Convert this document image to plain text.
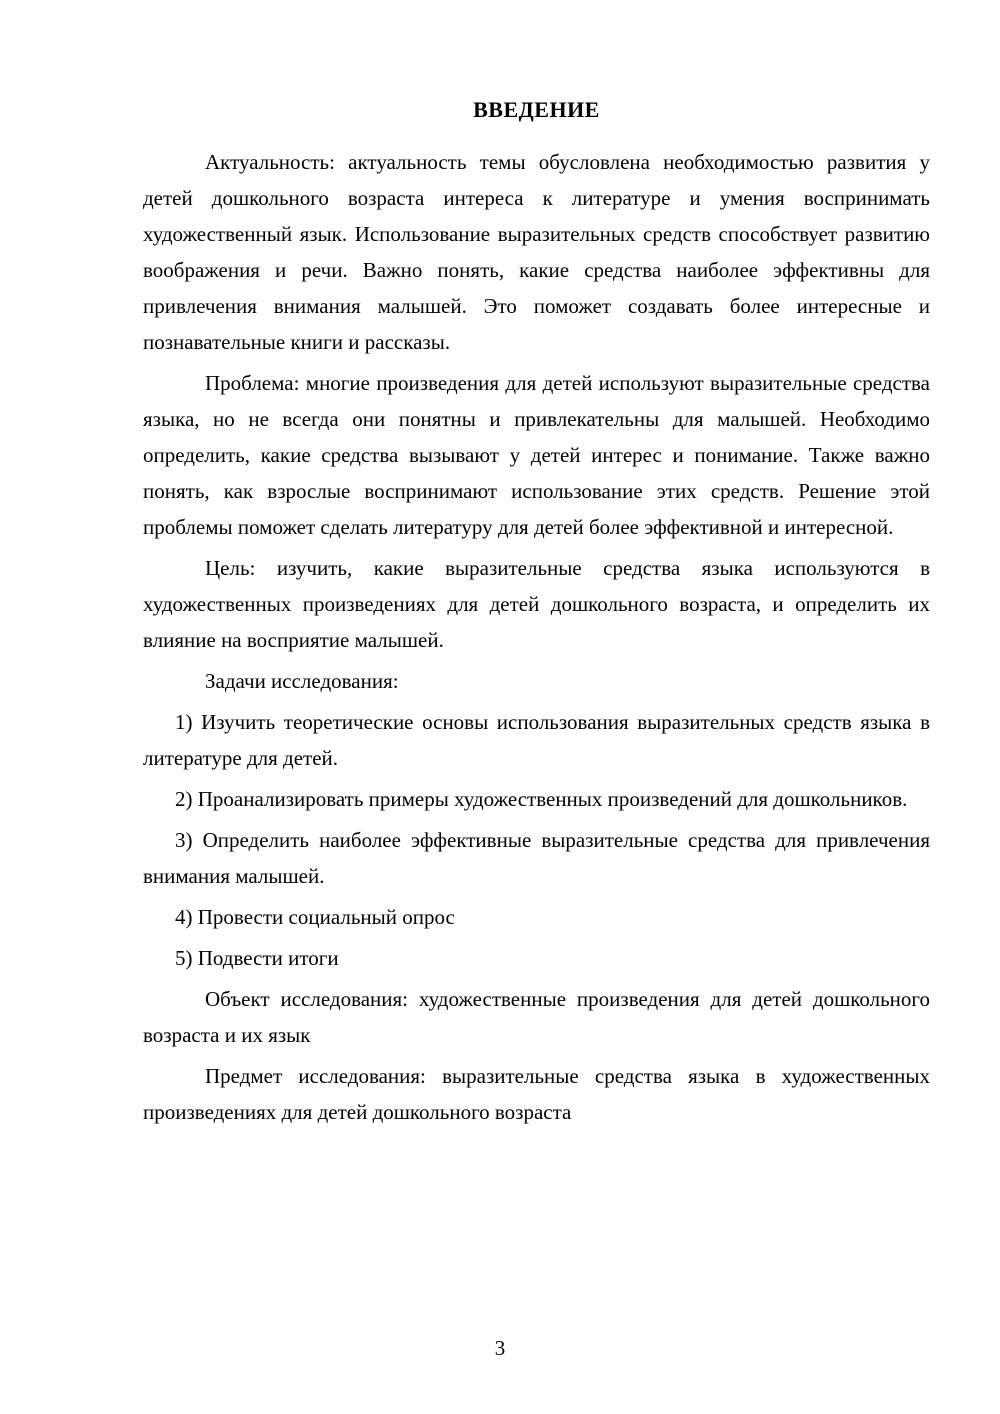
ВВЕДЕНИЕ

Актуальность: актуальность темы обусловлена необходимостью развития у детей дошкольного возраста интереса к литературе и умения воспринимать художественный язык. Использование выразительных средств способствует развитию воображения и речи. Важно понять, какие средства наиболее эффективны для привлечения внимания малышей. Это поможет создавать более интересные и познавательные книги и рассказы.

Проблема: многие произведения для детей используют выразительные средства языка, но не всегда они понятны и привлекательны для малышей. Необходимо определить, какие средства вызывают у детей интерес и понимание. Также важно понять, как взрослые воспринимают использование этих средств. Решение этой проблемы поможет сделать литературу для детей более эффективной и интересной.

Цель: изучить, какие выразительные средства языка используются в художественных произведениях для детей дошкольного возраста, и определить их влияние на восприятие малышей.

Задачи исследования:

1) Изучить теоретические основы использования выразительных средств языка в литературе для детей.

2) Проанализировать примеры художественных произведений для дошкольников.

3) Определить наиболее эффективные выразительные средства для привлечения внимания малышей.

4) Провести социальный опрос

5) Подвести итоги

Объект исследования: художественные произведения для детей дошкольного возраста и их язык

Предмет исследования: выразительные средства языка в художественных произведениях для детей дошкольного возраста

3
